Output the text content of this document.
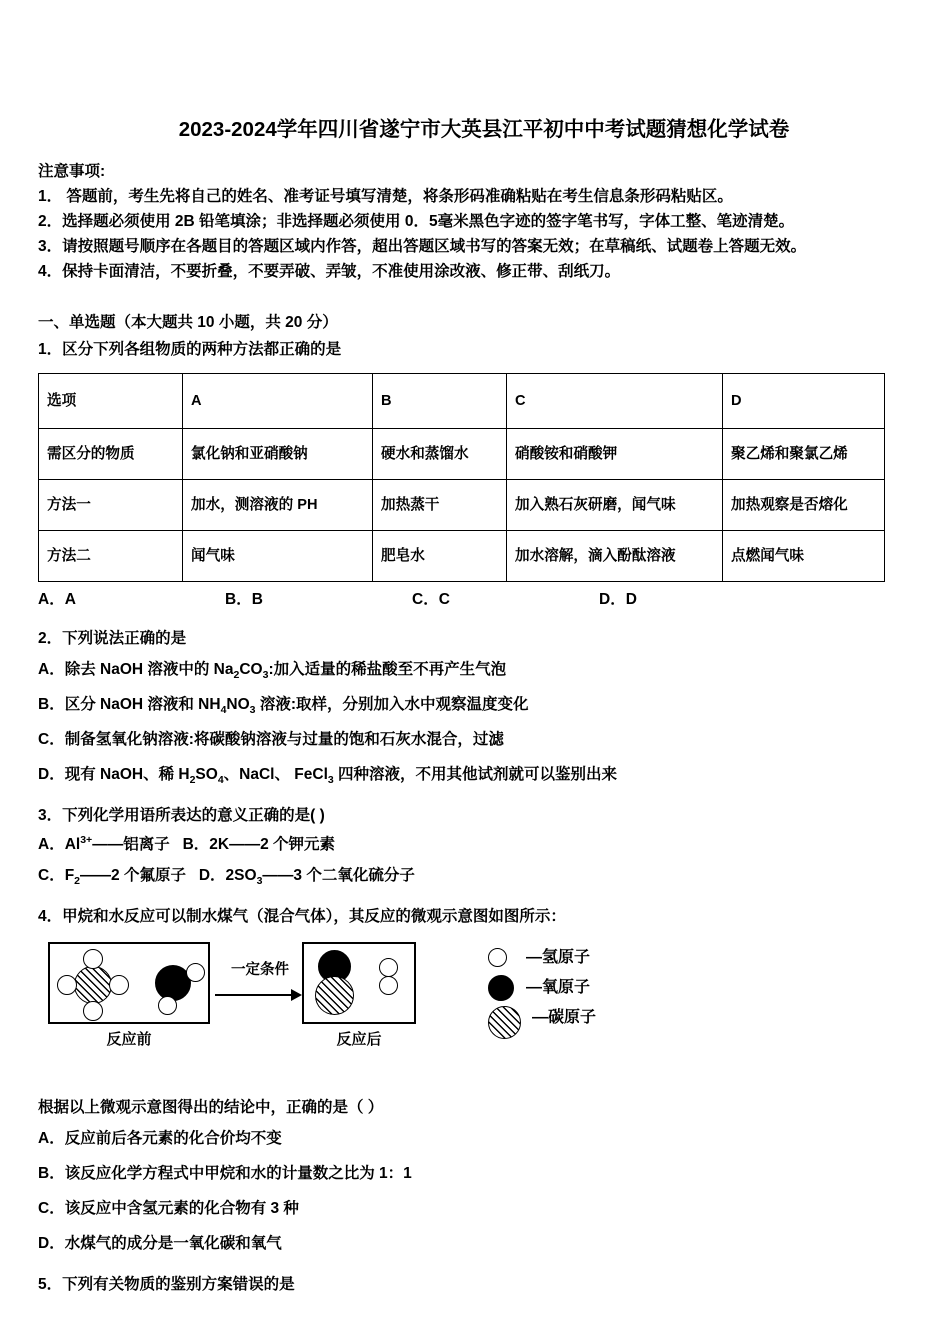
2023-2024学年四川省遂宁市大英县江平初中中考试题猜想化学试卷
注意事项:
1． 答题前，考生先将自己的姓名、准考证号填写清楚，将条形码准确粘贴在考生信息条形码粘贴区。
2．选择题必须使用 2B 铅笔填涂；非选择题必须使用 0．5毫米黑色字迹的签字笔书写，字体工整、笔迹清楚。
3．请按照题号顺序在各题目的答题区域内作答，超出答题区域书写的答案无效；在草稿纸、试题卷上答题无效。
4．保持卡面清洁，不要折叠，不要弄破、弄皱，不准使用涂改液、修正带、刮纸刀。
一、单选题（本大题共 10 小题，共 20 分）
1．区分下列各组物质的两种方法都正确的是
选项	A	B	C	D
需区分的物质	氯化钠和亚硝酸钠	硬水和蒸馏水	硝酸铵和硝酸钾	聚乙烯和聚氯乙烯
方法一	加水，测溶液的 PH	加热蒸干	加入熟石灰研磨，闻气味	加热观察是否熔化
方法二	闻气味	肥皂水	加水溶解，滴入酚酞溶液	点燃闻气味
A．A	B．B	C．C	D．D
2．下列说法正确的是
A．除去 NaOH 溶液中的 $Na_2CO_3$:加入适量的稀盐酸至不再产生气泡
B．区分 NaOH 溶液和 $NH_4NO_3$ 溶液:取样，分别加入水中观察温度变化
C．制备氢氧化钠溶液:将碳酸钠溶液与过量的饱和石灰水混合，过滤
D．现有 NaOH、稀 $H_2SO_4$、NaCl、 FeCl$_3$ 四种溶液，不用其他试剂就可以鉴别出来
3．下列化学用语所表达的意义正确的是( )
A．$Al^{3+}——$铝离子   B．2K——2 个钾元素
C．$F_2——2$ 个氟原子   D．$2SO_3——3$ 个二氧化硫分子
4．甲烷和水反应可以制水煤气（混合气体），其反应的微观示意图如图所示：
一定条件
反应前	反应后
—氢原子
—氧原子
—碳原子
根据以上微观示意图得出的结论中，正确的是（ ）
A．反应前后各元素的化合价均不变
B．该反应化学方程式中甲烷和水的计量数之比为 1：1
C．该反应中含氢元素的化合物有 3 种
D．水煤气的成分是一氧化碳和氧气
5．下列有关物质的鉴别方案错误的是
